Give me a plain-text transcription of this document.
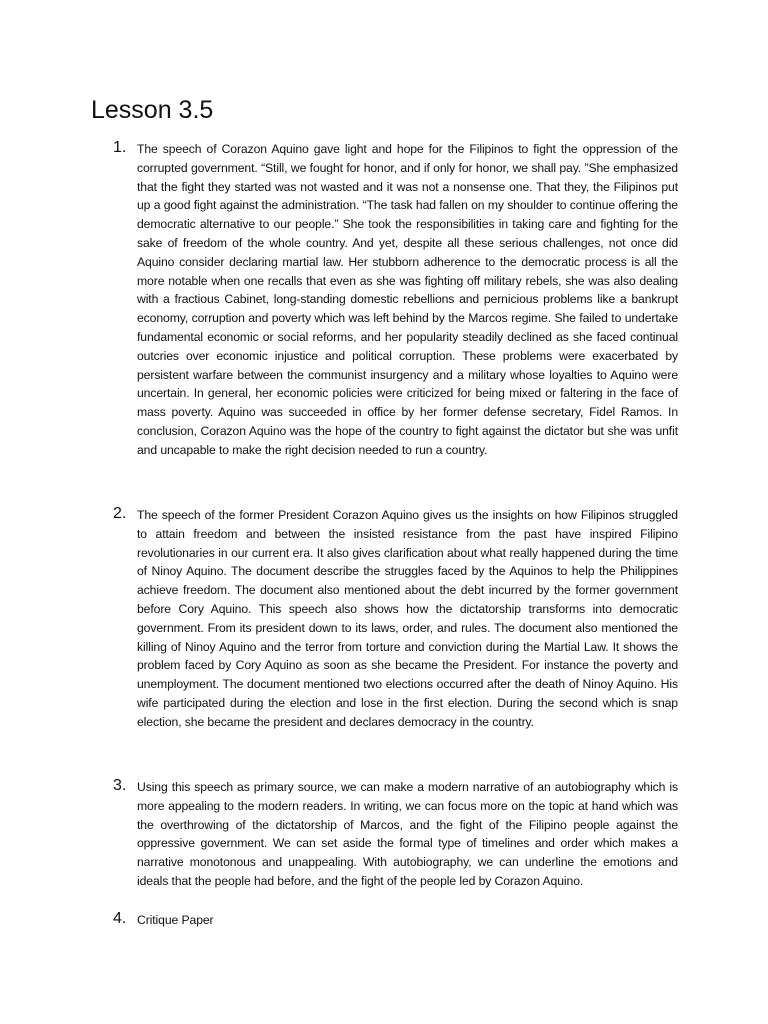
Lesson 3.5
1. The speech of Corazon Aquino gave light and hope for the Filipinos to fight the oppression of the corrupted government. “Still, we fought for honor, and if only for honor, we shall pay. ”She emphasized that the fight they started was not wasted and it was not a nonsense one. That they, the Filipinos put up a good fight against the administration. “The task had fallen on my shoulder to continue offering the democratic alternative to our people.” She took the responsibilities in taking care and fighting for the sake of freedom of the whole country. And yet, despite all these serious challenges, not once did Aquino consider declaring martial law. Her stubborn adherence to the democratic process is all the more notable when one recalls that even as she was fighting off military rebels, she was also dealing with a fractious Cabinet, long-standing domestic rebellions and pernicious problems like a bankrupt economy, corruption and poverty which was left behind by the Marcos regime. She failed to undertake fundamental economic or social reforms, and her popularity steadily declined as she faced continual outcries over economic injustice and political corruption. These problems were exacerbated by persistent warfare between the communist insurgency and a military whose loyalties to Aquino were uncertain. In general, her economic policies were criticized for being mixed or faltering in the face of mass poverty. Aquino was succeeded in office by her former defense secretary, Fidel Ramos. In conclusion, Corazon Aquino was the hope of the country to fight against the dictator but she was unfit and uncapable to make the right decision needed to run a country.

2. The speech of the former President Corazon Aquino gives us the insights on how Filipinos struggled to attain freedom and between the insisted resistance from the past have inspired Filipino revolutionaries in our current era. It also gives clarification about what really happened during the time of Ninoy Aquino. The document describe the struggles faced by the Aquinos to help the Philippines achieve freedom. The document also mentioned about the debt incurred by the former government before Cory Aquino. This speech also shows how the dictatorship transforms into democratic government. From its president down to its laws, order, and rules. The document also mentioned the killing of Ninoy Aquino and the terror from torture and conviction during the Martial Law. It shows the problem faced by Cory Aquino as soon as she became the President. For instance the poverty and unemployment. The document mentioned two elections occurred after the death of Ninoy Aquino. His wife participated during the election and lose in the first election. During the second which is snap election, she became the president and declares democracy in the country.

3. Using this speech as primary source, we can make a modern narrative of an autobiography which is more appealing to the modern readers. In writing, we can focus more on the topic at hand which was the overthrowing of the dictatorship of Marcos, and the fight of the Filipino people against the oppressive government. We can set aside the formal type of timelines and order which makes a narrative monotonous and unappealing. With autobiography, we can underline the emotions and ideals that the people had before, and the fight of the people led by Corazon Aquino.

4. Critique Paper
